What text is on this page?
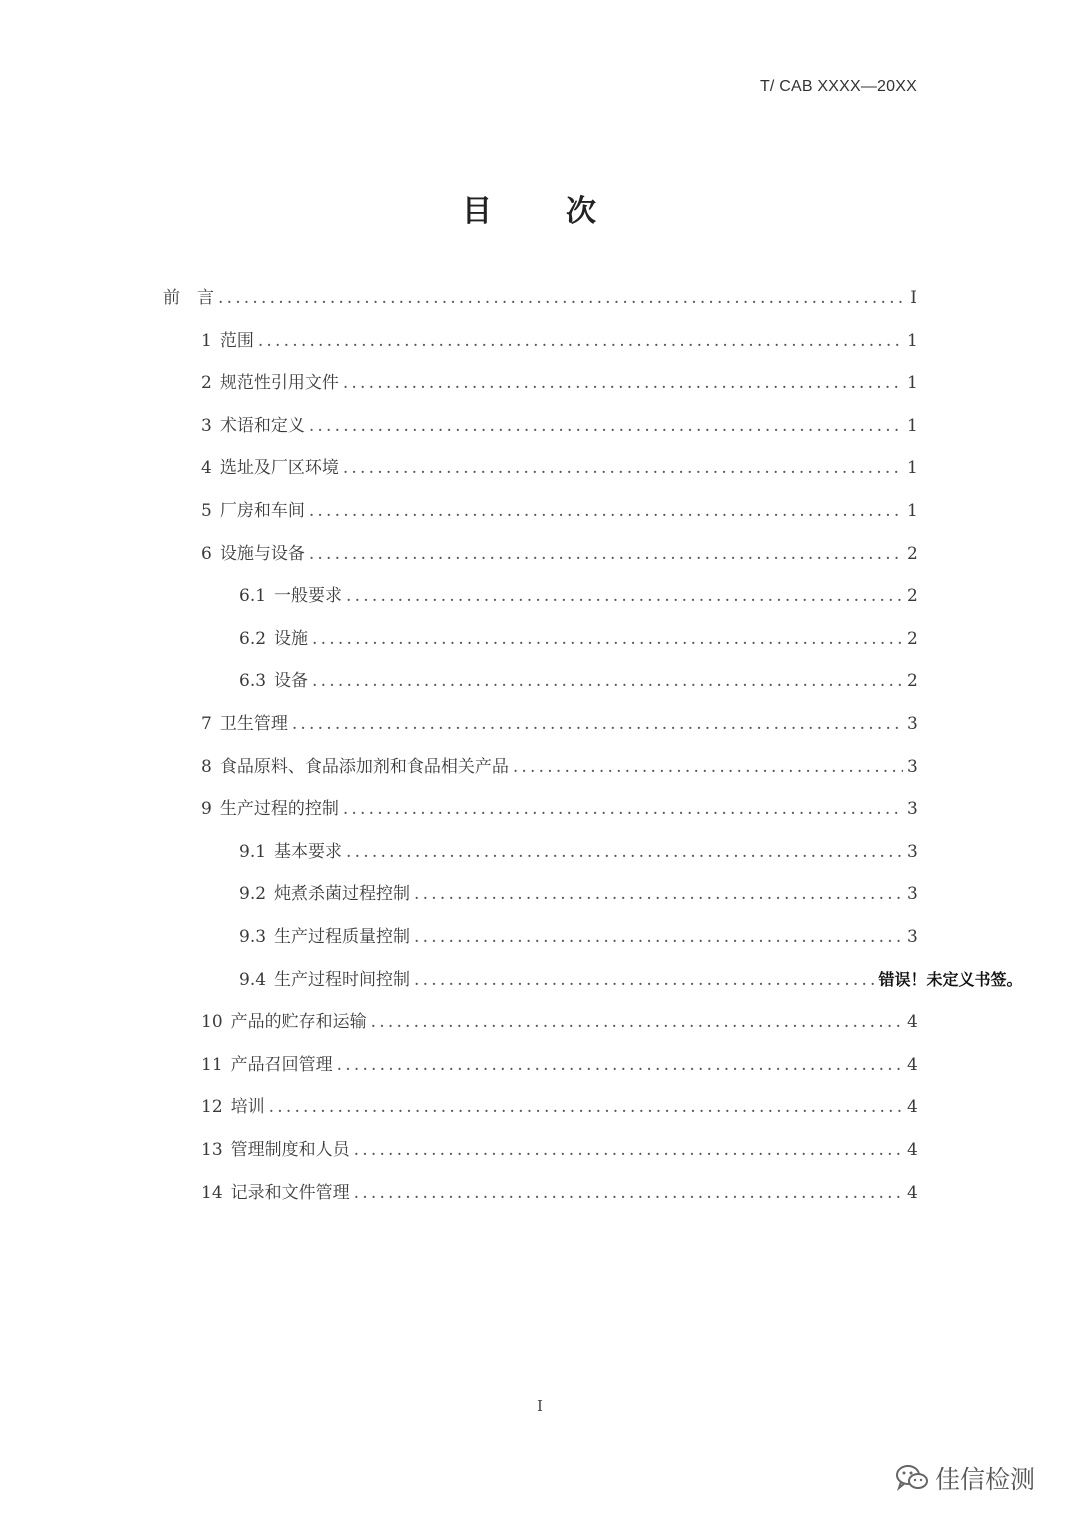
T/ CAB XXXX—20XX
目　次
前　言 .....	I
1 范围 .....	1
2 规范性引用文件 .....	1
3 术语和定义 .....	1
4 选址及厂区环境 .....	1
5 厂房和车间 .....	1
6 设施与设备 .....	2
6.1 一般要求 .....	2
6.2 设施 .....	2
6.3 设备 .....	2
7 卫生管理 .....	3
8 食品原料、食品添加剂和食品相关产品 .....	3
9 生产过程的控制 .....	3
9.1 基本要求 .....	3
9.2 炖煮杀菌过程控制 .....	3
9.3 生产过程质量控制 .....	3
9.4 生产过程时间控制 .....	错误！未定义书签。
10 产品的贮存和运输 .....	4
11 产品召回管理 .....	4
12 培训 .....	4
13 管理制度和人员 .....	4
14 记录和文件管理 .....	4
I
佳信检测
